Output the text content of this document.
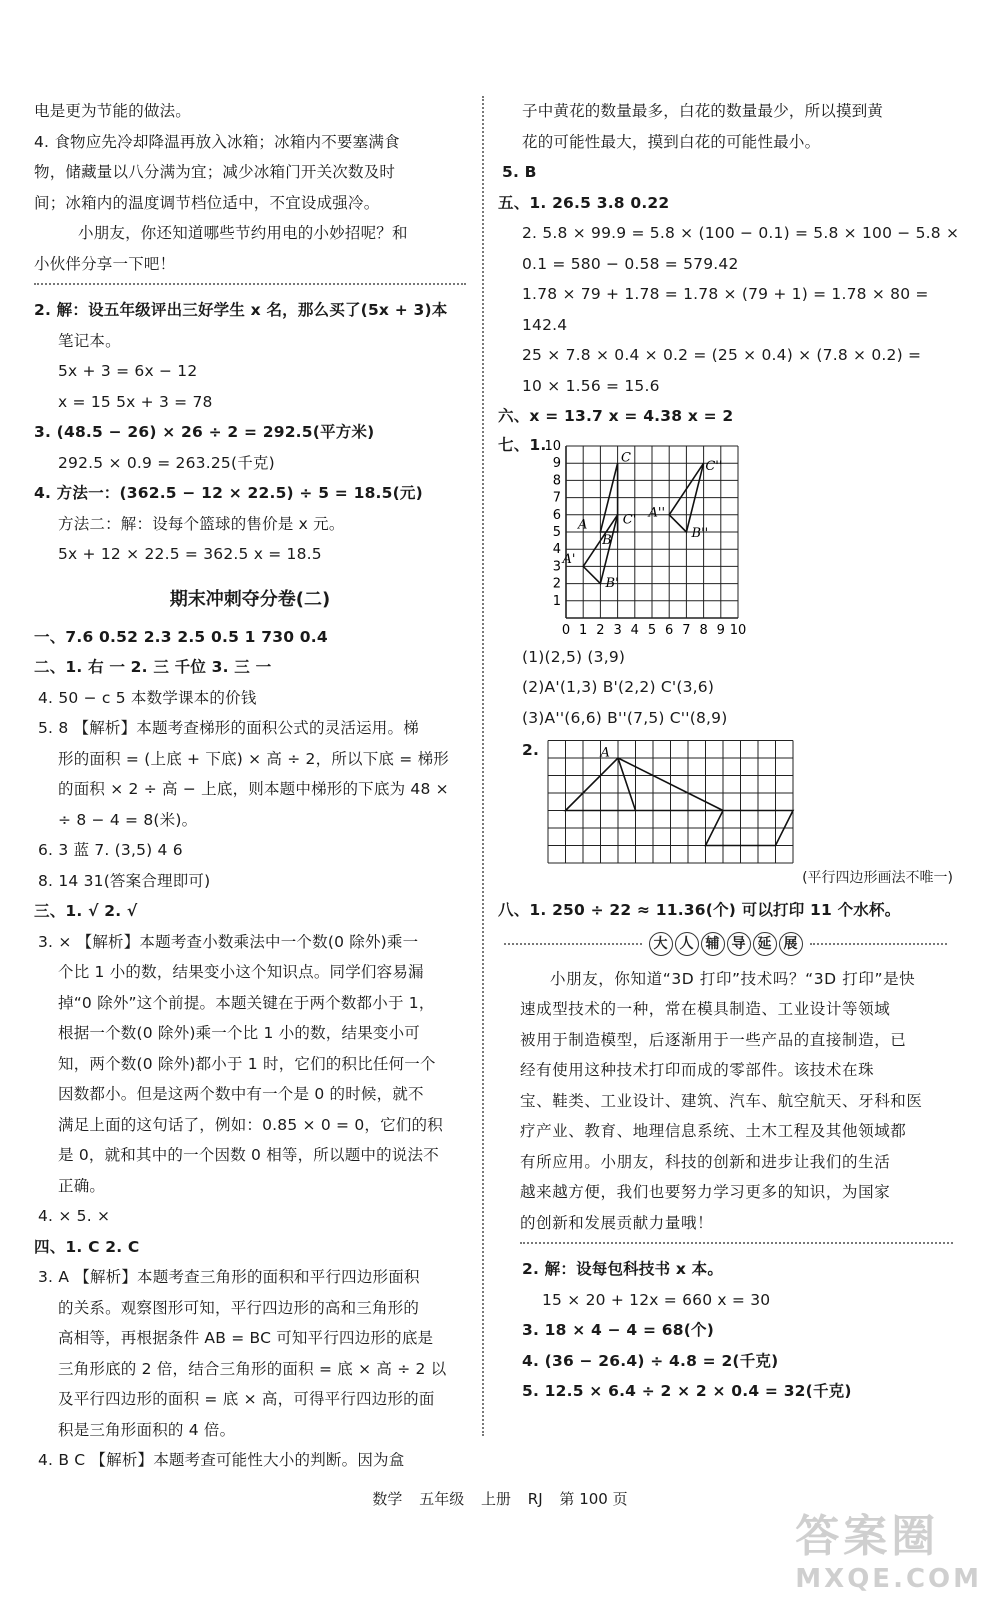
电是更为节能的做法。
4. 食物应先冷却降温再放入冰箱；冰箱内不要塞满食
物，储藏量以八分满为宜；减少冰箱门开关次数及时
间；冰箱内的温度调节档位适中，不宜设成强冷。
小朋友，你还知道哪些节约用电的小妙招呢？和
小伙伴分享一下吧！
2. 解：设五年级评出三好学生 x 名，那么买了(5x + 3)本
笔记本。
5x + 3 = 6x − 12
x = 15 5x + 3 = 78
3. (48.5 − 26) × 26 ÷ 2 = 292.5(平方米)
292.5 × 0.9 = 263.25(千克)
4. 方法一：(362.5 − 12 × 22.5) ÷ 5 = 18.5(元)
方法二：解：设每个篮球的售价是 x 元。
5x + 12 × 22.5 = 362.5 x = 18.5
期末冲刺夺分卷(二)
一、7.6 0.52 2.3 2.5 0.5 1 730 0.4
二、1. 右 一 2. 三 千位 3. 三 一
4. 50 − c 5 本数学课本的价钱
5. 8 【解析】本题考查梯形的面积公式的灵活运用。梯
形的面积 = (上底 + 下底) × 高 ÷ 2，所以下底 = 梯形
的面积 × 2 ÷ 高 − 上底，则本题中梯形的下底为 48 ×
÷ 8 − 4 = 8(米)。
6. 3 蓝 7. (3,5) 4 6
8. 14 31(答案合理即可)
三、1. √ 2. √
3. × 【解析】本题考查小数乘法中一个数(0 除外)乘一
个比 1 小的数，结果变小这个知识点。同学们容易漏
掉“0 除外”这个前提。本题关键在于两个数都小于 1，
根据一个数(0 除外)乘一个比 1 小的数，结果变小可
知，两个数(0 除外)都小于 1 时，它们的积比任何一个
因数都小。但是这两个数中有一个是 0 的时候，就不
满足上面的这句话了，例如：0.85 × 0 = 0，它们的积
是 0，就和其中的一个因数 0 相等，所以题中的说法不
正确。
4. × 5. ×
四、1. C 2. C
3. A 【解析】本题考查三角形的面积和平行四边形面积
的关系。观察图形可知，平行四边形的高和三角形的
高相等，再根据条件 AB = BC 可知平行四边形的底是
三角形底的 2 倍，结合三角形的面积 = 底 × 高 ÷ 2 以
及平行四边形的面积 = 底 × 高，可得平行四边形的面
积是三角形面积的 4 倍。
4. B C 【解析】本题考查可能性大小的判断。因为盒
子中黄花的数量最多，白花的数量最少，所以摸到黄
花的可能性最大，摸到白花的可能性最小。
5. B
五、1. 26.5 3.8 0.22
2. 5.8 × 99.9 = 5.8 × (100 − 0.1) = 5.8 × 100 − 5.8 ×
0.1 = 580 − 0.58 = 579.42
1.78 × 79 + 1.78 = 1.78 × (79 + 1) = 1.78 × 80 =
142.4
25 × 7.8 × 0.4 × 0.2 = (25 × 0.4) × (7.8 × 0.2) =
10 × 1.56 = 15.6
六、x = 13.7 x = 4.38 x = 2
七、1.
0 1 2 3 4 5 6 7 8 9 10
10
9
8
7
6
5
4
3
2
1
A
B
C
A'
B'
C' A''
B''
C''
(1)(2,5) (3,9)
(2)A'(1,3) B'(2,2) C'(3,6)
(3)A''(6,6) B''(7,5) C''(8,9)
2.	A
(平行四边形画法不唯一)
八、1. 250 ÷ 22 ≈ 11.36(个) 可以打印 11 个水杯。
大 人 辅 导 延 展
小朋友，你知道“3D 打印”技术吗？“3D 打印”是快
速成型技术的一种，常在模具制造、工业设计等领域
被用于制造模型，后逐渐用于一些产品的直接制造，已
经有使用这种技术打印而成的零部件。该技术在珠
宝、鞋类、工业设计、建筑、汽车、航空航天、牙科和医
疗产业、教育、地理信息系统、土木工程及其他领域都
有所应用。小朋友，科技的创新和进步让我们的生活
越来越方便，我们也要努力学习更多的知识，为国家
的创新和发展贡献力量哦！
2. 解：设每包科技书 x 本。
15 × 20 + 12x = 660 x = 30
3. 18 × 4 − 4 = 68(个)
4. (36 − 26.4) ÷ 4.8 = 2(千克)
5. 12.5 × 6.4 ÷ 2 × 2 × 0.4 = 32(千克)
数学 五年级 上册 RJ 第 100 页
答案圈
MXQE.COM
